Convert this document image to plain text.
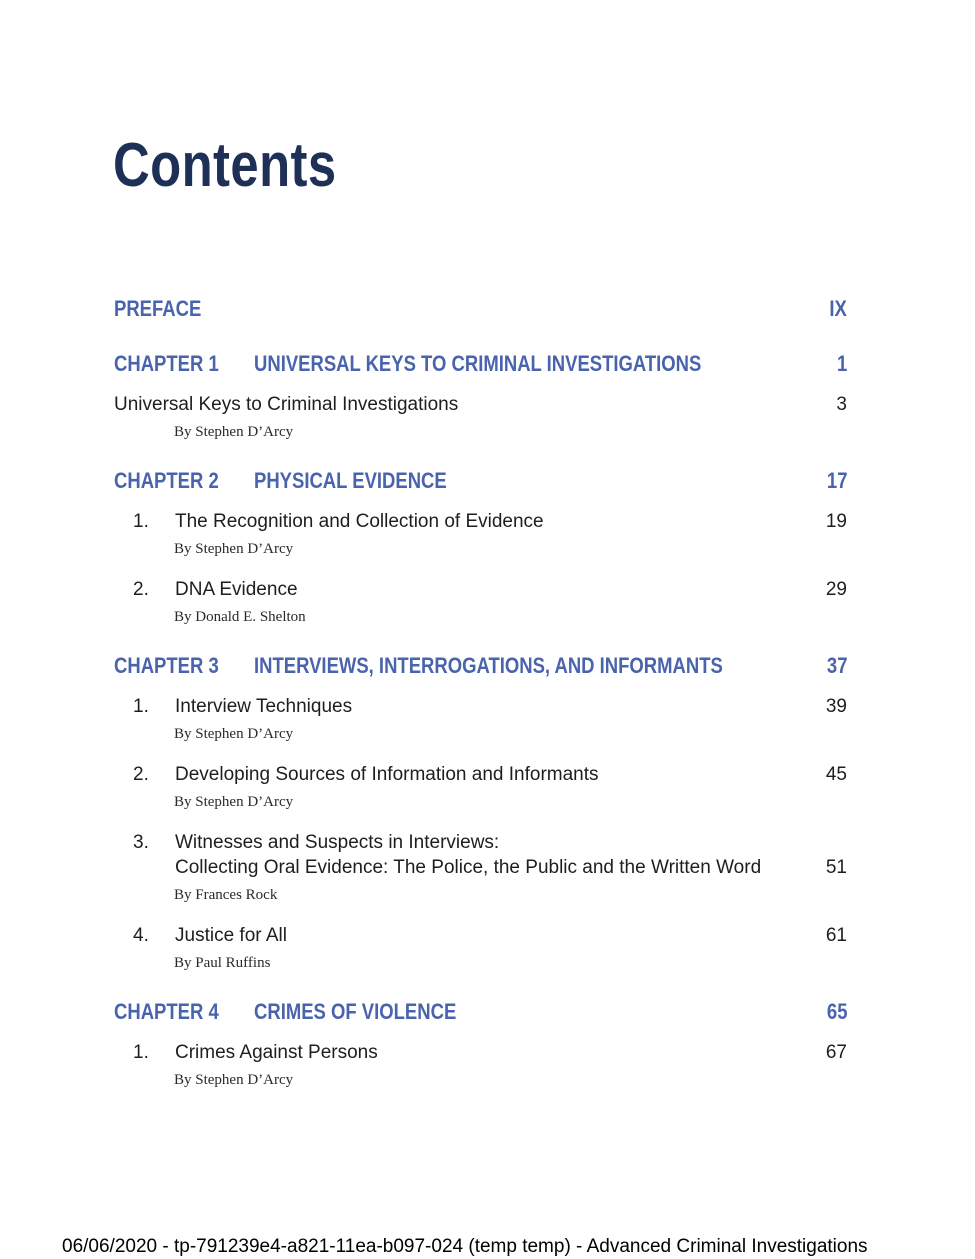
Contents
PREFACE	IX
CHAPTER 1 UNIVERSAL KEYS TO CRIMINAL INVESTIGATIONS	1
Universal Keys to Criminal Investigations	3
By Stephen D’Arcy
CHAPTER 2 PHYSICAL EVIDENCE	17
1.	The Recognition and Collection of Evidence	19
By Stephen D’Arcy
2.	DNA Evidence	29
By Donald E. Shelton
CHAPTER 3 INTERVIEWS, INTERROGATIONS, AND INFORMANTS	37
1.	Interview Techniques	39
By Stephen D’Arcy
2.	Developing Sources of Information and Informants	45
By Stephen D’Arcy
3. Witnesses and Suspects in Interviews:
Collecting Oral Evidence: The Police, the Public and the Written Word	51
By Frances Rock
4.	Justice for All	61
By Paul Ruffins
CHAPTER 4 CRIMES OF VIOLENCE	65
1.	Crimes Against Persons	67
By Stephen D’Arcy
06/06/2020 - tp-791239e4-a821-11ea-b097-024 (temp temp) - Advanced Criminal Investigations
